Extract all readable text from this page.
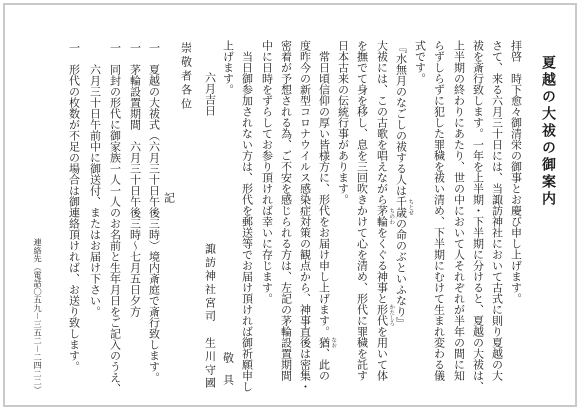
夏越の大祓の御案内
拝啓　時下愈々御清栄の御事とお慶び申し上げます。
さて、来る六月三十日には、当諏訪神社において古式に則り夏越の大
祓を斎行致します。一年を上半期・下半期に分けると、夏越の大祓は、
上半期の終わりにあたり、世の中において人それぞれが半年の間に知
らずしらずに犯した罪穢を祓い清め、下半期にむけて生まれ変わる儀
式です。
『水無月のなごしの祓する人は千歳の命のぶといふなり』
大祓には、この古歌を唱えながら茅輪をくぐる神事と形代を用いて体
を撫でて身を移し、息を三回吹きかけて心を清め、形代に罪穢を託す
日本古来の伝統行事があります。
　常日頃信仰の厚い皆様方に、形代をお届け申し上げます。猶、此の
度昨今の新型コロナウイルス感染症対策の観点から、神事直後は密集・
密着が予想される為、ご不安を感じられる方は、左記の茅輪設置期間
中に日時をずらしてお参り頂ければ幸いに存じます。
　当日御参加されない方は、形代を郵送等でお届け頂ければ御祈願申し
上げます。
敬　具
ちとせ
ちのわ
かたしろ
なお
六月吉日
諏訪神社宮司　生川守國
崇敬者各位
記
一　夏越の大祓式（六月三十日午後三時）境内斎庭で斎行致します。
一　茅輪設置期間　六月三十日午後三時〜七月五日夕方
一　同封の形代に御家族一人一人のお名前と生年月日をご記入のうえ、
六月三十日午前中に御送付、またはお届け下さい。
一　形代の枚数が不足の場合は御連絡頂ければ、お送り致します。
連絡先（電話〇五九－三五二－二四二二）
